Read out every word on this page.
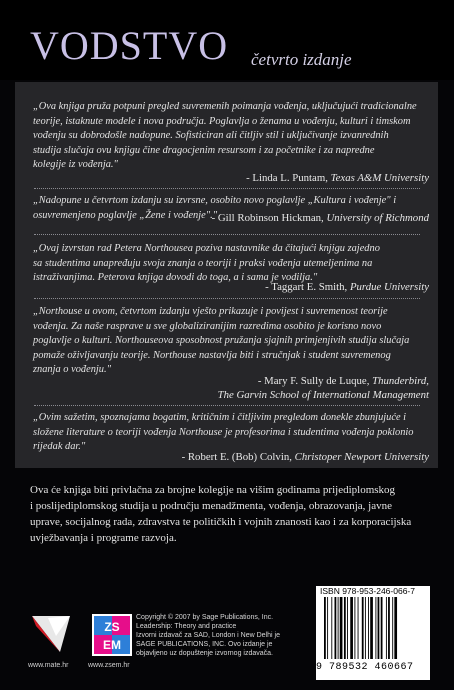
VODSTVO četvrto izdanje
„Ova knjiga pruža potpuni pregled suvremenih poimanja vođenja, uključujući tradicionalne
teorije, istaknute modele i nova područja. Poglavlja o ženama u vođenju, kulturi i timskom
vođenju su dobrodošle nadopune. Sofisticiran ali čitljiv stil i uključivanje izvanrednih
studija slučaja ovu knjigu čine dragocjenim resursom i za početnike i za napredne
kolegije iz vođenja."
- Linda L. Puntam, Texas A&M University
„Nadopune u četvrtom izdanju su izvrsne, osobito novo poglavlje „Kultura i vođenje" i
osuvremenjeno poglavlje „Žene i vođenje"."
- Gill Robinson Hickman, University of Richmond
„Ovaj izvrstan rad Petera Northousea poziva nastavnike da čitajući knjigu zajedno
sa studentima unapređuju svoja znanja o teoriji i praksi vođenja utemeljenima na
istraživanjima. Peterova knjiga dovodi do toga, a i sama je vodilja."
- Taggart E. Smith, Purdue University
„Northouse u ovom, četvrtom izdanju vješto prikazuje i povijest i suvremenost teorije
vođenja. Za naše rasprave u sve globaliziranijim razredima osobito je korisno novo
poglavlje o kulturi. Northouseova sposobnost pružanja sjajnih primjenjivih studija slučaja
pomaže oživljavanju teorije. Northouse nastavlja biti i stručnjak i student suvremenog
znanja o vođenju."
- Mary F. Sully de Luque, Thunderbird,
The Garvin School of International Management
„Ovim sažetim, spoznajama bogatim, kritičnim i čitljivim pregledom donekle zbunjujuće i
složene literature o teoriji vođenja Northouse je profesorima i studentima vođenja poklonio
rijedak dar."
- Robert E. (Bob) Colvin, Christoper Newport University
Ova će knjiga biti privlačna za brojne kolegije na višim godinama prijediplomskog
i poslijediplomskog studija u području menadžmenta, vođenja, obrazovanja, javne
uprave, socijalnog rada, zdravstva te političkih i vojnih znanosti kao i za korporacijska
uvježbavanja i programe razvoja.
www.mate.hr
ZS
EM
www.zsem.hr
Copyright © 2007 by Sage Publications, Inc.
Leadership: Theory and practice
Izvorni izdavač za SAD, London i New Delhi je
SAGE PUBLICATIONS, INC. Ovo izdanje je
objavljeno uz dopuštenje izvornog izdavača.
ISBN 978-953-246-066-7
9 789532 460667
